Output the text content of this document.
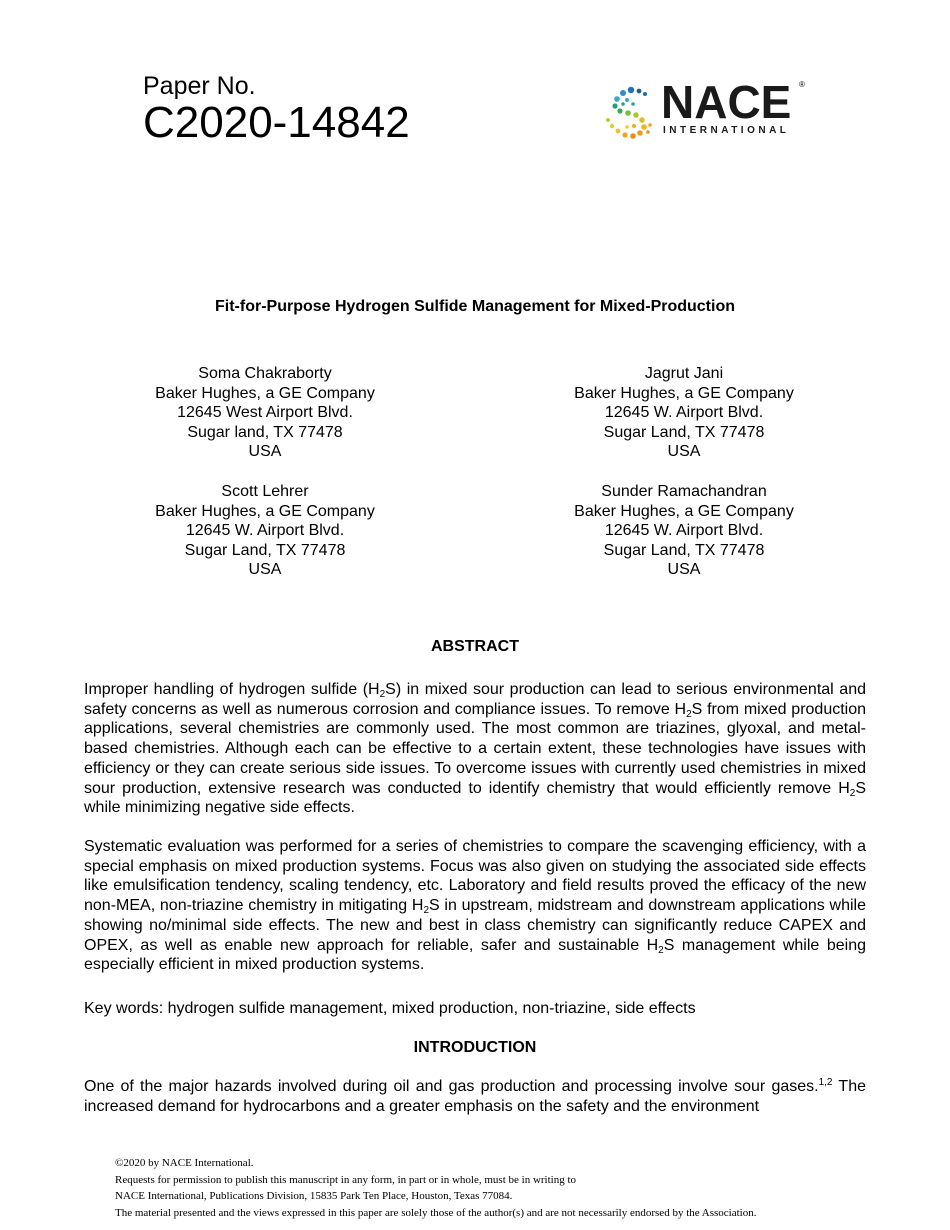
Paper No.
C2020-14842	NACE ®
INTERNATIONAL
Fit-for-Purpose Hydrogen Sulfide Management for Mixed-Production
Soma Chakraborty
Baker Hughes, a GE Company
12645 West Airport Blvd.
Sugar land, TX 77478
USA
Jagrut Jani
Baker Hughes, a GE Company
12645 W. Airport Blvd.
Sugar Land, TX 77478
USA
Scott Lehrer
Baker Hughes, a GE Company
12645 W. Airport Blvd.
Sugar Land, TX 77478
USA
Sunder Ramachandran
Baker Hughes, a GE Company
12645 W. Airport Blvd.
Sugar Land, TX 77478
USA
ABSTRACT

Improper handling of hydrogen sulfide $(H_2S)$ in mixed sour production can lead to serious environmental and safety concerns as well as numerous corrosion and compliance issues. To remove $H_2S$ from mixed production applications, several chemistries are commonly used. The most common are triazines, glyoxal, and metal-based chemistries. Although each can be effective to a certain extent, these technologies have issues with efficiency or they can create serious side issues. To overcome issues with currently used chemistries in mixed sour production, extensive research was conducted to identify chemistry that would efficiently remove $H_2S$ while minimizing negative side effects.

Systematic evaluation was performed for a series of chemistries to compare the scavenging efficiency, with a special emphasis on mixed production systems. Focus was also given on studying the associated side effects like emulsification tendency, scaling tendency, etc. Laboratory and field results proved the efficacy of the new non-MEA, non-triazine chemistry in mitigating $H_2S$ in upstream, midstream and downstream applications while showing no/minimal side effects. The new and best in class chemistry can significantly reduce CAPEX and OPEX, as well as enable new approach for reliable, safer and sustainable $H_2S$ management while being especially efficient in mixed production systems.

Key words: hydrogen sulfide management, mixed production, non-triazine, side effects

INTRODUCTION

One of the major hazards involved during oil and gas production and processing involve sour gases.$^{1,2}$ The increased demand for hydrocarbons and a greater emphasis on the safety and the environment

©2020 by NACE International.
Requests for permission to publish this manuscript in any form, in part or in whole, must be in writing to
NACE International, Publications Division, 15835 Park Ten Place, Houston, Texas 77084.
The material presented and the views expressed in this paper are solely those of the author(s) and are not necessarily endorsed by the Association.
